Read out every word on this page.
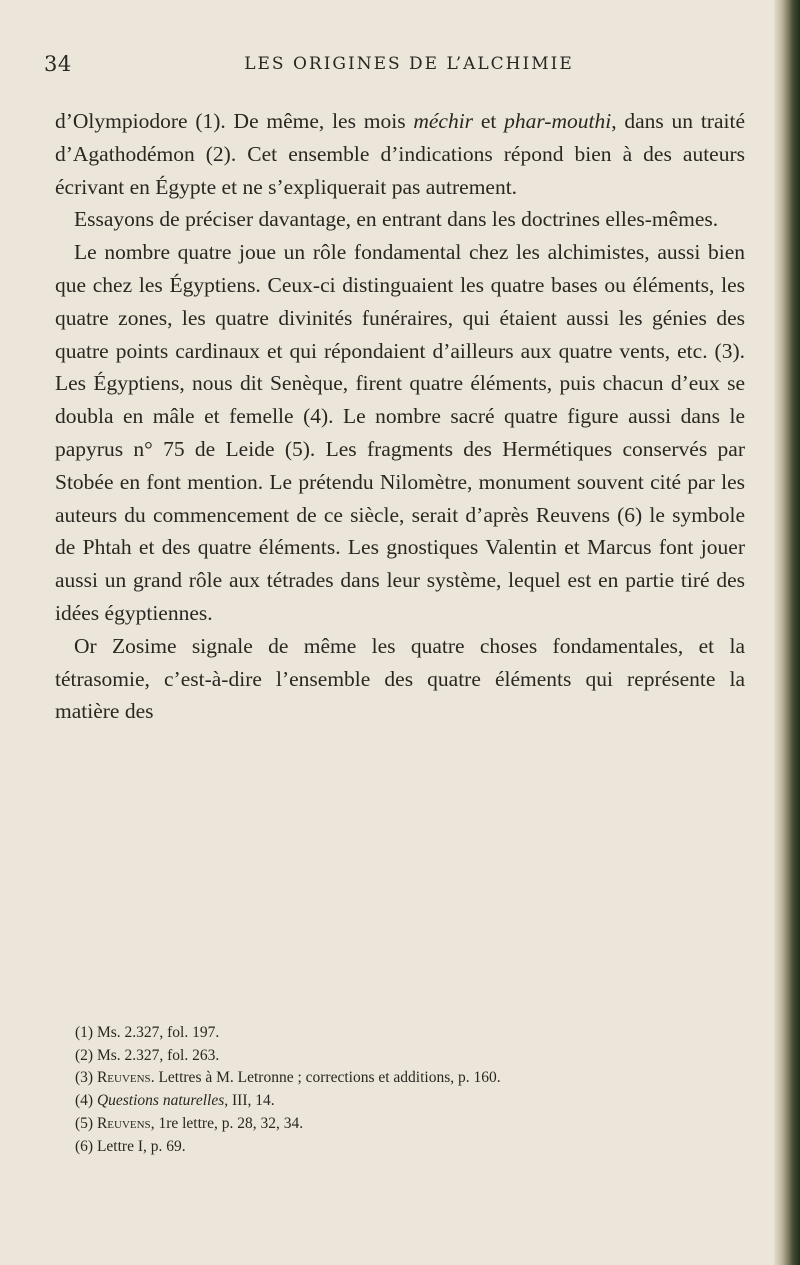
34	LES ORIGINES DE L’ALCHIMIE

d’Olympiodore (1). De même, les mois méchir et phar-mouthi, dans un traité d’Agathodémon (2). Cet ensemble d’indications répond bien à des auteurs écrivant en Égypte et ne s’expliquerait pas autrement.

Essayons de préciser davantage, en entrant dans les doctrines elles-mêmes.

Le nombre quatre joue un rôle fondamental chez les alchimistes, aussi bien que chez les Égyptiens. Ceux-ci distinguaient les quatre bases ou éléments, les quatre zones, les quatre divinités funéraires, qui étaient aussi les génies des quatre points cardinaux et qui répondaient d’ailleurs aux quatre vents, etc. (3). Les Égyptiens, nous dit Senèque, firent quatre éléments, puis chacun d’eux se doubla en mâle et femelle (4). Le nombre sacré quatre figure aussi dans le papyrus n° 75 de Leide (5). Les fragments des Hermétiques conservés par Stobée en font mention. Le prétendu Nilomètre, monument souvent cité par les auteurs du commencement de ce siècle, serait d’après Reuvens (6) le symbole de Phtah et des quatre éléments. Les gnostiques Valentin et Marcus font jouer aussi un grand rôle aux tétrades dans leur système, lequel est en partie tiré des idées égyptiennes.

Or Zosime signale de même les quatre choses fondamentales, et la tétrasomie, c’est-à-dire l’ensemble des quatre éléments qui représente la matière des

(1) Ms. 2.327, fol. 197.
(2) Ms. 2.327, fol. 263.
(3) Reuvens. Lettres à M. Letronne ; corrections et additions, p. 160.
(4) Questions naturelles, III, 14.
(5) Reuvens, 1re lettre, p. 28, 32, 34.
(6) Lettre I, p. 69.
